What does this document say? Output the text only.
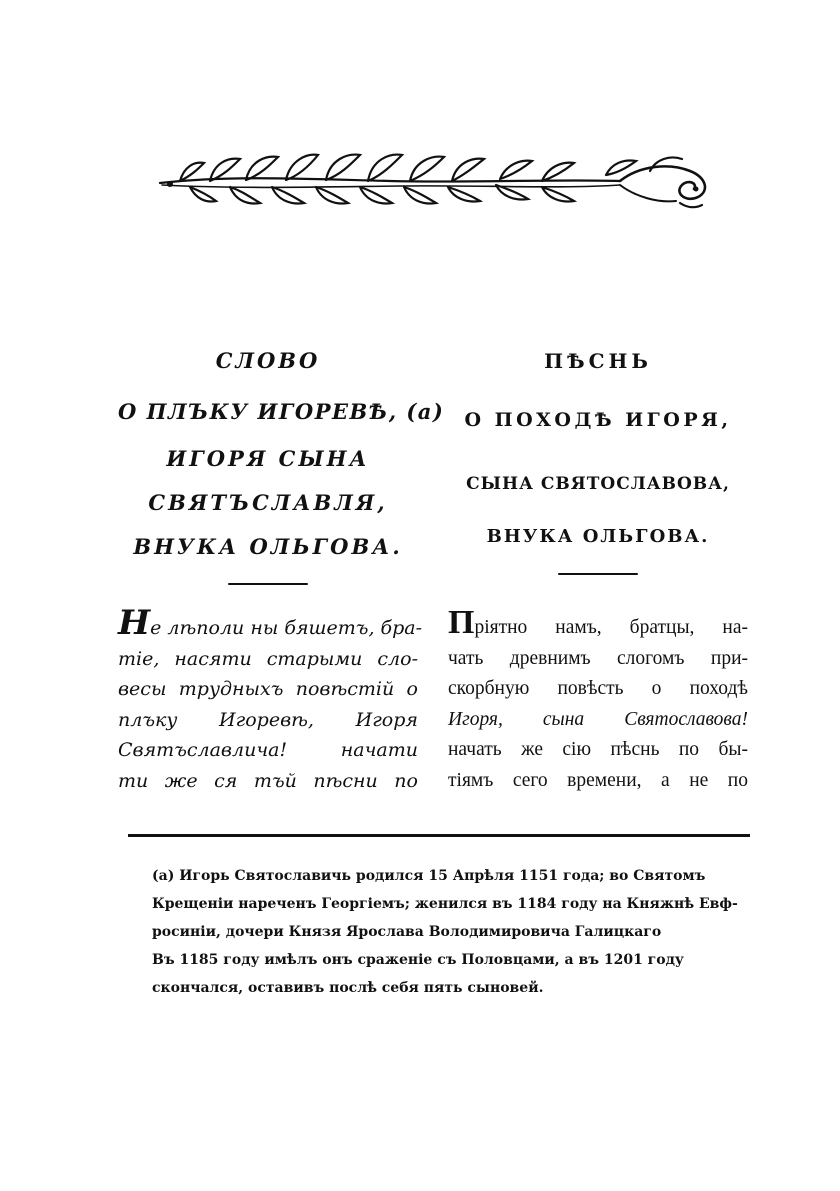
СЛОВО
О ПЛЪКУ ИГОРЕВѢ, (a)
ИГОРЯ СЫНА
СВЯТЪСЛАВЛЯ,
ВНУКА ОЛЬГОВА.
ПѢСНЬ
О ПОХОДѢ ИГОРЯ,
СЫНА СВЯТОСЛАВОВА,
ВНУКА ОЛЬГОВА.
Не лѣполи ны бяшетъ, бра-
тіе, насяти старыми сло-
весы трудныхъ повѣстій о
плъку Игоревѣ, Игоря
Святъславлича! начати
ти же ся тъй пѣсни по
Пріятно намъ, братцы, на-
чать древнимъ слогомъ при-
скорбную повѣсть о походѣ
Игоря, сына Святославова!
начать же сію пѣснь по бы-
тіямъ сего времени, а не по
(a) Игорь Святославичь родился 15 Апрѣля 1151 года; во Святомъ
Крещеніи нареченъ Георгіемъ; женился въ 1184 году на Княжнѣ Евф-
росиніи, дочери Князя Ярослава Володимировича Галицкаго
Въ 1185 году имѣлъ онъ сраженіе съ Половцами, а въ 1201 году
скончался, оставивъ послѣ себя пять сыновей.
